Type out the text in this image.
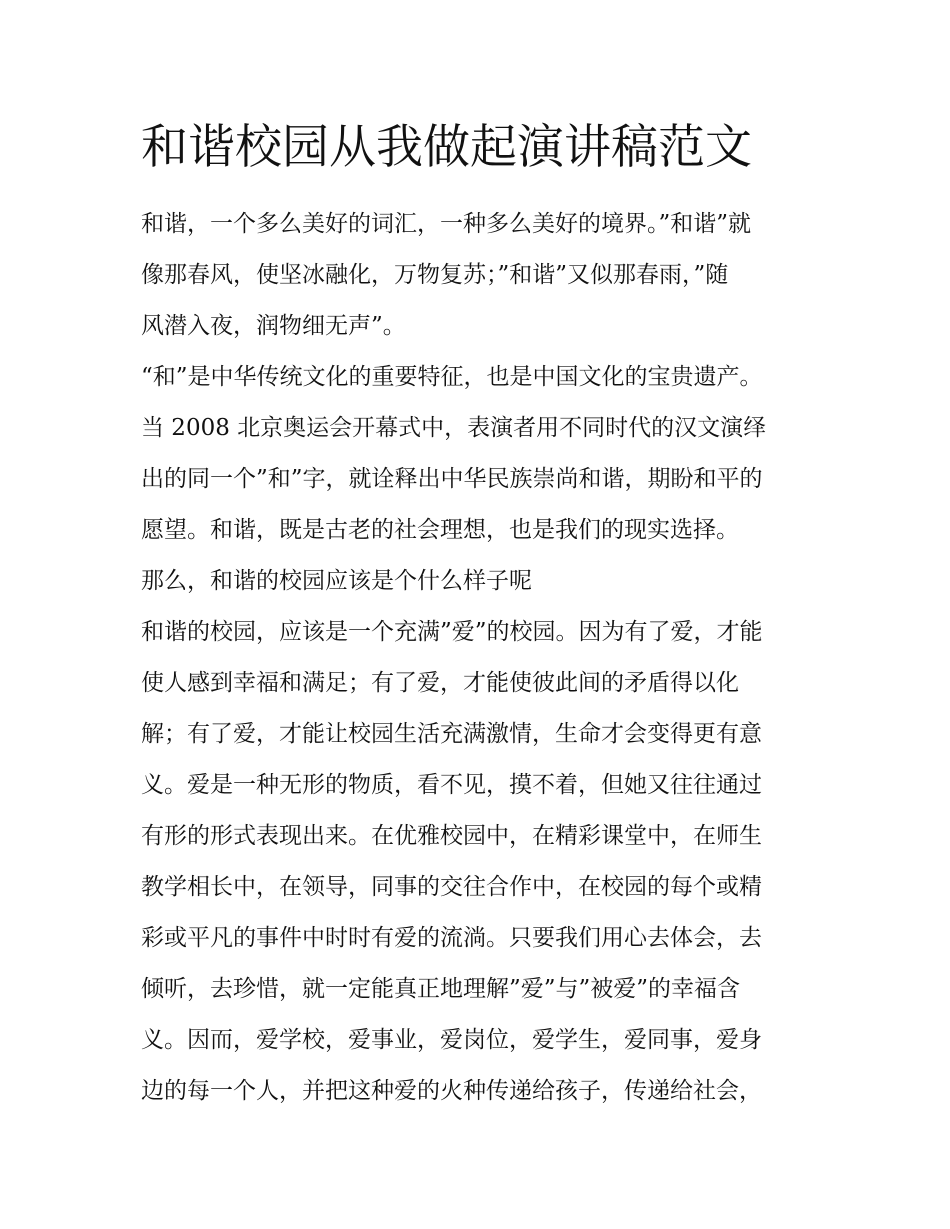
和谐校园从我做起演讲稿范文
和谐，一个多么美好的词汇，一种多么美好的境界。”和谐”就
像那春风，使坚冰融化，万物复苏；”和谐”又似那春雨，”随
风潜入夜，润物细无声”。
“和”是中华传统文化的重要特征，也是中国文化的宝贵遗产。
当 2008 北京奥运会开幕式中，表演者用不同时代的汉文演绎
出的同一个”和”字，就诠释出中华民族崇尚和谐，期盼和平的
愿望。和谐，既是古老的社会理想，也是我们的现实选择。
那么，和谐的校园应该是个什么样子呢
和谐的校园，应该是一个充满”爱”的校园。因为有了爱，才能
使人感到幸福和满足；有了爱，才能使彼此间的矛盾得以化
解；有了爱，才能让校园生活充满激情，生命才会变得更有意
义。爱是一种无形的物质，看不见，摸不着，但她又往往通过
有形的形式表现出来。在优雅校园中，在精彩课堂中，在师生
教学相长中，在领导，同事的交往合作中，在校园的每个或精
彩或平凡的事件中时时有爱的流淌。只要我们用心去体会，去
倾听，去珍惜，就一定能真正地理解”爱”与”被爱”的幸福含
义。因而，爱学校，爱事业，爱岗位，爱学生，爱同事，爱身
边的每一个人，并把这种爱的火种传递给孩子，传递给社会，
